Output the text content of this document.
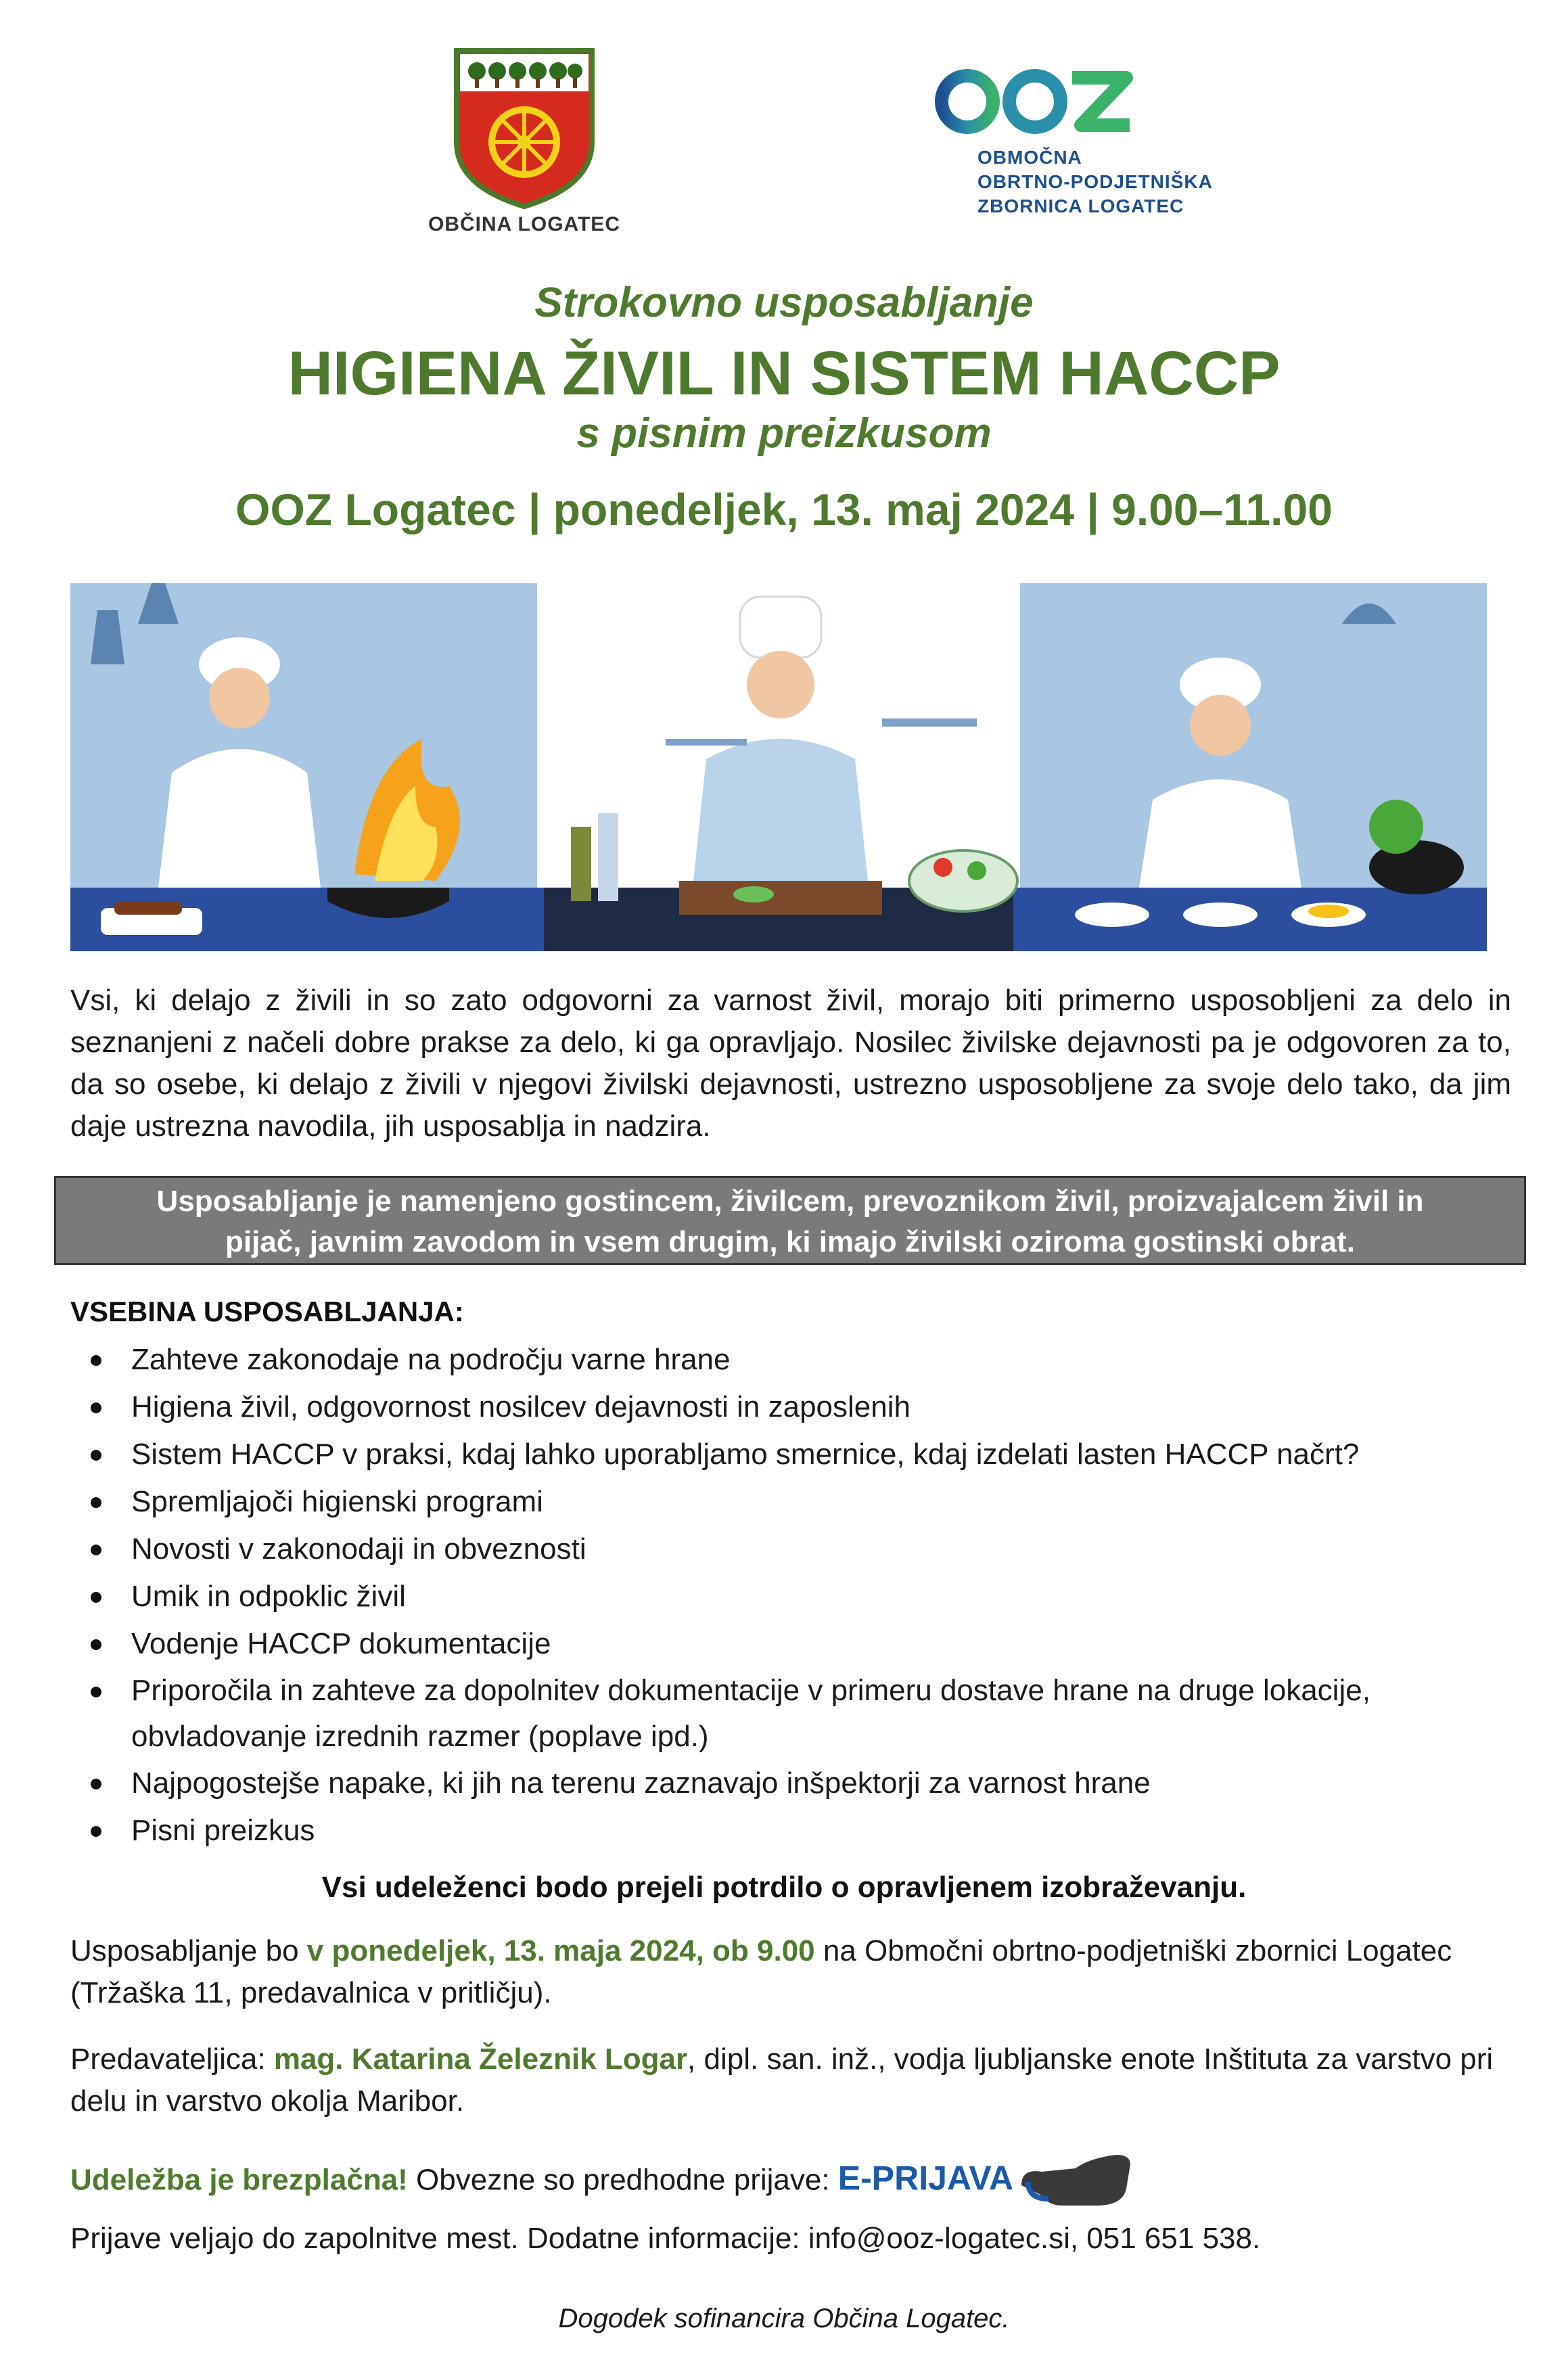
OBČINA LOGATEC
OBMOČNA
OBRTNO-PODJETNIŠKA
ZBORNICA LOGATEC
Strokovno usposabljanje
HIGIENA ŽIVIL IN SISTEM HACCP
s pisnim preizkusom
OOZ Logatec | ponedeljek, 13. maj 2024 | 9.00–11.00
Vsi, ki delajo z živili in so zato odgovorni za varnost živil, morajo biti primerno usposobljeni za delo in seznanjeni z načeli dobre prakse za delo, ki ga opravljajo. Nosilec živilske dejavnosti pa je odgovoren za to, da so osebe, ki delajo z živili v njegovi živilski dejavnosti, ustrezno usposobljene za svoje delo tako, da jim daje ustrezna navodila, jih usposablja in nadzira.
Usposabljanje je namenjeno gostincem, živilcem, prevoznikom živil, proizvajalcem živil in
pijač, javnim zavodom in vsem drugim, ki imajo živilski oziroma gostinski obrat.
VSEBINA USPOSABLJANJA:
Zahteve zakonodaje na področju varne hrane
Higiena živil, odgovornost nosilcev dejavnosti in zaposlenih
Sistem HACCP v praksi, kdaj lahko uporabljamo smernice, kdaj izdelati lasten HACCP načrt?
Spremljajoči higienski programi
Novosti v zakonodaji in obveznosti
Umik in odpoklic živil
Vodenje HACCP dokumentacije
Priporočila in zahteve za dopolnitev dokumentacije v primeru dostave hrane na druge lokacije, obvladovanje izrednih razmer (poplave ipd.)
Najpogostejše napake, ki jih na terenu zaznavajo inšpektorji za varnost hrane
Pisni preizkus
Vsi udeleženci bodo prejeli potrdilo o opravljenem izobraževanju.
Usposabljanje bo v ponedeljek, 13. maja 2024, ob 9.00 na Območni obrtno-podjetniški zbornici Logatec (Tržaška 11, predavalnica v pritličju).
Predavateljica: mag. Katarina Železnik Logar, dipl. san. inž., vodja ljubljanske enote Inštituta za varstvo pri delu in varstvo okolja Maribor.
Udeležba je brezplačna! Obvezne so predhodne prijave: E-PRIJAVA
Prijave veljajo do zapolnitve mest. Dodatne informacije: info@ooz-logatec.si, 051 651 538.
Dogodek sofinancira Občina Logatec.
